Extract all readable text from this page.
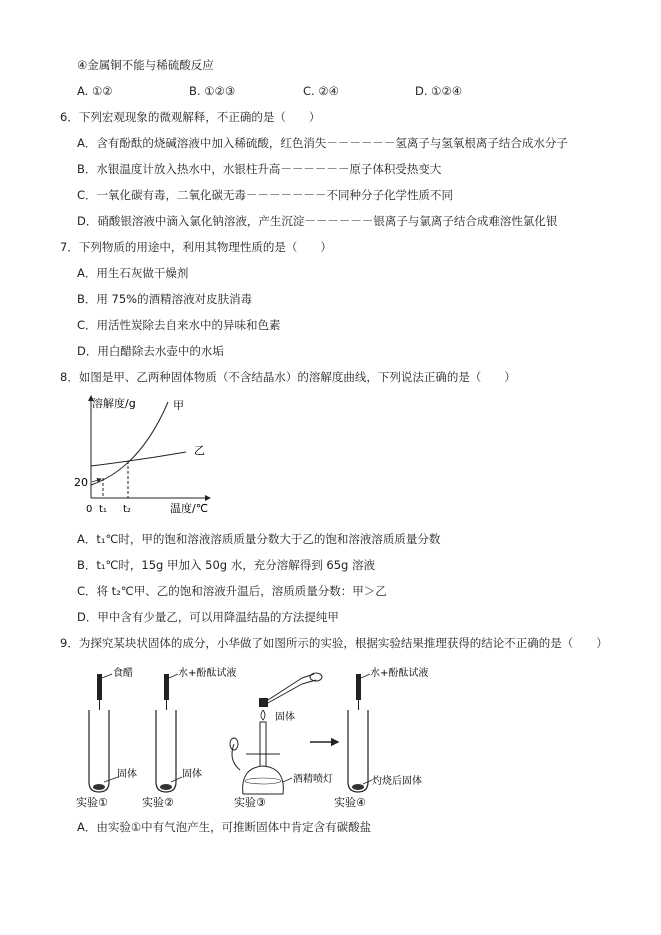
④金属铜不能与稀硫酸反应
A. ①②	B. ①②③	C. ②④	D. ①②④
6．下列宏观现象的微观解释，不正确的是（　　）
A．含有酚酞的烧碱溶液中加入稀硫酸，红色消失－－－－－－氢离子与氢氧根离子结合成水分子
B．水银温度计放入热水中，水银柱升高－－－－－－原子体积受热变大
C．一氧化碳有毒，二氧化碳无毒－－－－－－－不同种分子化学性质不同
D．硝酸银溶液中滴入氯化钠溶液，产生沉淀－－－－－－银离子与氯离子结合成难溶性氯化银
7．下列物质的用途中，利用其物理性质的是（　　）
A．用生石灰做干燥剂
B．用 75%的酒精溶液对皮肤消毒
C．用活性炭除去自来水中的异味和色素
D．用白醋除去水壶中的水垢
8．如图是甲、乙两种固体物质（不含结晶水）的溶解度曲线，下列说法正确的是（　　）
溶解度/g
温度/℃
20
0 t₁ t₂
甲
乙
A．t₁℃时，甲的饱和溶液溶质质量分数大于乙的饱和溶液溶质质量分数
B．t₁℃时，15g 甲加入 50g 水，充分溶解得到 65g 溶液
C．将 t₂℃甲、乙的饱和溶液升温后，溶质质量分数：甲＞乙
D．甲中含有少量乙，可以用降温结晶的方法提纯甲
9．为探究某块状固体的成分，小华做了如图所示的实验，根据实验结果推理获得的结论不正确的是（　　）
食醋
固体
实验①
水+酚酞试液
固体
实验②
固体
酒精喷灯
实验③
水+酚酞试液
灼烧后固体
实验④
A．由实验①中有气泡产生，可推断固体中肯定含有碳酸盐
